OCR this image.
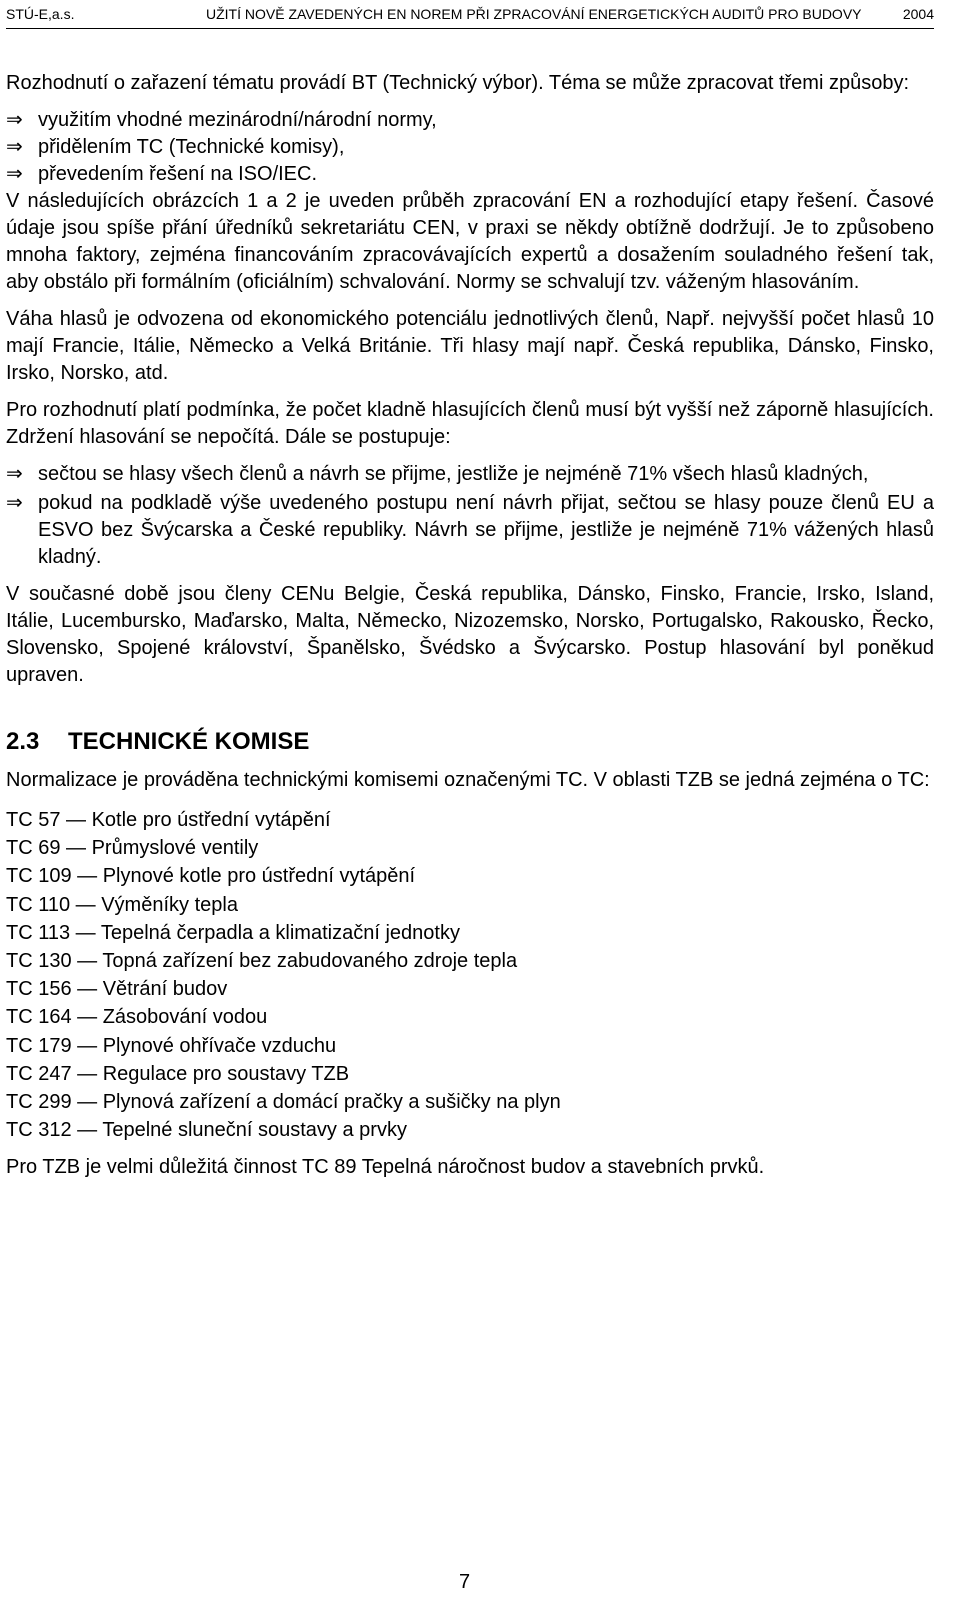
STÚ-E,a.s.	UŽITÍ NOVĚ ZAVEDENÝCH EN NOREM PŘI ZPRACOVÁNÍ ENERGETICKÝCH AUDITŮ PRO BUDOVY	2004

Rozhodnutí o zařazení tématu provádí BT (Technický výbor). Téma se může zpracovat třemi způsoby:

⇒ využitím vhodné mezinárodní/národní normy,
⇒ přidělením TC (Technické komisy),
⇒ převedením řešení na ISO/IEC.

V následujících obrázcích 1 a 2 je uveden průběh zpracování EN a rozhodující etapy řešení. Časové údaje jsou spíše přání úředníků sekretariátu CEN, v praxi se někdy obtížně dodržují. Je to způsobeno mnoha faktory, zejména financováním zpracovávajících expertů a dosažením souladného řešení tak, aby obstálo při formálním (oficiálním) schvalování. Normy se schvalují tzv. váženým hlasováním.

Váha hlasů je odvozena od ekonomického potenciálu jednotlivých členů, Např. nejvyšší počet hlasů 10 mají Francie, Itálie, Německo a Velká Británie. Tři hlasy mají např. Česká republika, Dánsko, Finsko, Irsko, Norsko, atd.

Pro rozhodnutí platí podmínka, že počet kladně hlasujících členů musí být vyšší než záporně hlasujících. Zdržení hlasování se nepočítá. Dále se postupuje:

⇒ sečtou se hlasy všech členů a návrh se přijme, jestliže je nejméně 71% všech hlasů kladných,
⇒ pokud na podkladě výše uvedeného postupu není návrh přijat, sečtou se hlasy pouze členů EU a ESVO bez Švýcarska a České republiky. Návrh se přijme, jestliže je nejméně 71% vážených hlasů kladný.

V současné době jsou členy CENu Belgie, Česká republika, Dánsko, Finsko, Francie, Irsko, Island, Itálie, Lucembursko, Maďarsko, Malta, Německo, Nizozemsko, Norsko, Portugalsko, Rakousko, Řecko, Slovensko, Spojené království, Španělsko, Švédsko a Švýcarsko. Postup hlasování byl poněkud upraven.

2.3 TECHNICKÉ KOMISE

Normalizace je prováděna technickými komisemi označenými TC. V oblasti TZB se jedná zejména o TC:

TC 57 — Kotle pro ústřední vytápění
TC 69 — Průmyslové ventily
TC 109 — Plynové kotle pro ústřední vytápění
TC 110 — Výměníky tepla
TC 113 — Tepelná čerpadla a klimatizační jednotky
TC 130 — Topná zařízení bez zabudovaného zdroje tepla
TC 156 — Větrání budov
TC 164 — Zásobování vodou
TC 179 — Plynové ohřívače vzduchu
TC 247 — Regulace pro soustavy TZB
TC 299 — Plynová zařízení a domácí pračky a sušičky na plyn
TC 312 — Tepelné sluneční soustavy a prvky

Pro TZB je velmi důležitá činnost TC 89 Tepelná náročnost budov a stavebních prvků.

7
